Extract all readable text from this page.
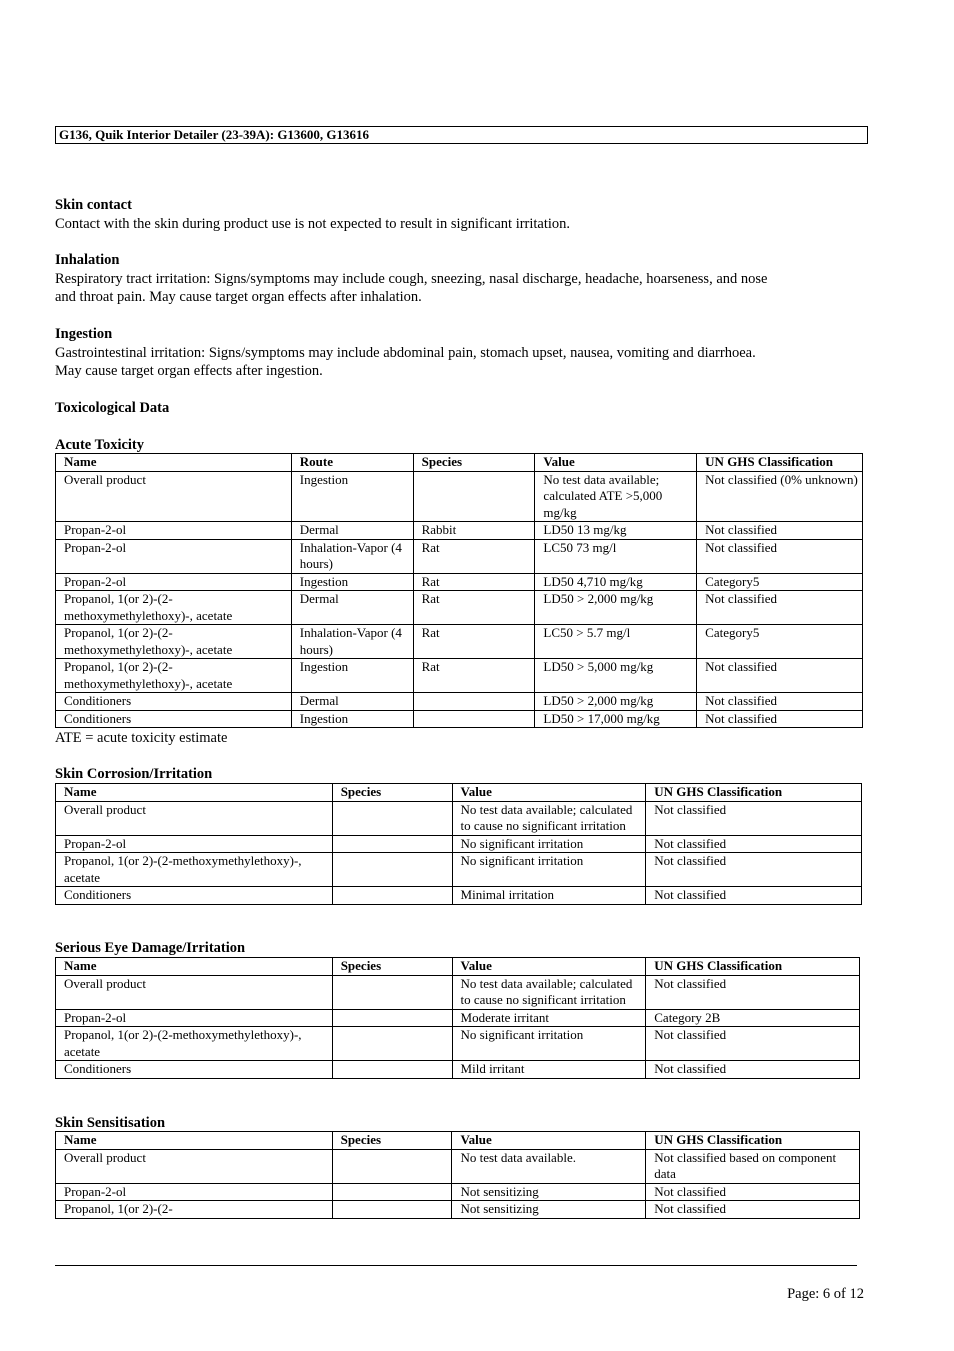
G136, Quik Interior Detailer (23-39A): G13600, G13616
Skin contact
Contact with the skin during product use is not expected to result in significant irritation.
Inhalation
Respiratory tract irritation: Signs/symptoms may include cough, sneezing, nasal discharge, headache, hoarseness, and nose
and throat pain. May cause target organ effects after inhalation.
Ingestion
Gastrointestinal irritation: Signs/symptoms may include abdominal pain, stomach upset, nausea, vomiting and diarrhoea.
May cause target organ effects after ingestion.
Toxicological Data
Acute Toxicity
Name	Route	Species	Value	UN GHS Classification
Overall product	Ingestion		No test data available; calculated ATE >5,000 mg/kg	Not classified (0% unknown)
Propan-2-ol	Dermal	Rabbit	LD50 13 mg/kg	Not classified
Propan-2-ol	Inhalation-Vapor (4 hours)	Rat	LC50 73 mg/l	Not classified
Propan-2-ol	Ingestion	Rat	LD50 4,710 mg/kg	Category5
Propanol, 1(or 2)-(2-methoxymethylethoxy)-, acetate	Dermal	Rat	LD50 > 2,000 mg/kg	Not classified
Propanol, 1(or 2)-(2-methoxymethylethoxy)-, acetate	Inhalation-Vapor (4 hours)	Rat	LC50 > 5.7 mg/l	Category5
Propanol, 1(or 2)-(2-methoxymethylethoxy)-, acetate	Ingestion	Rat	LD50 > 5,000 mg/kg	Not classified
Conditioners	Dermal		LD50 > 2,000 mg/kg	Not classified
Conditioners	Ingestion		LD50 > 17,000 mg/kg	Not classified
ATE = acute toxicity estimate
Skin Corrosion/Irritation
Name	Species	Value	UN GHS Classification
Overall product		No test data available; calculated to cause no significant irritation	Not classified
Propan-2-ol		No significant irritation	Not classified
Propanol, 1(or 2)-(2-methoxymethylethoxy)-, acetate		No significant irritation	Not classified
Conditioners		Minimal irritation	Not classified
Serious Eye Damage/Irritation
Name	Species	Value	UN GHS Classification
Overall product		No test data available; calculated to cause no significant irritation	Not classified
Propan-2-ol		Moderate irritant	Category 2B
Propanol, 1(or 2)-(2-methoxymethylethoxy)-, acetate		No significant irritation	Not classified
Conditioners		Mild irritant	Not classified
Skin Sensitisation
Name	Species	Value	UN GHS Classification
Overall product		No test data available.	Not classified based on component data
Propan-2-ol		Not sensitizing	Not classified
Propanol, 1(or 2)-(2-		Not sensitizing	Not classified
Page: 6 of 12
